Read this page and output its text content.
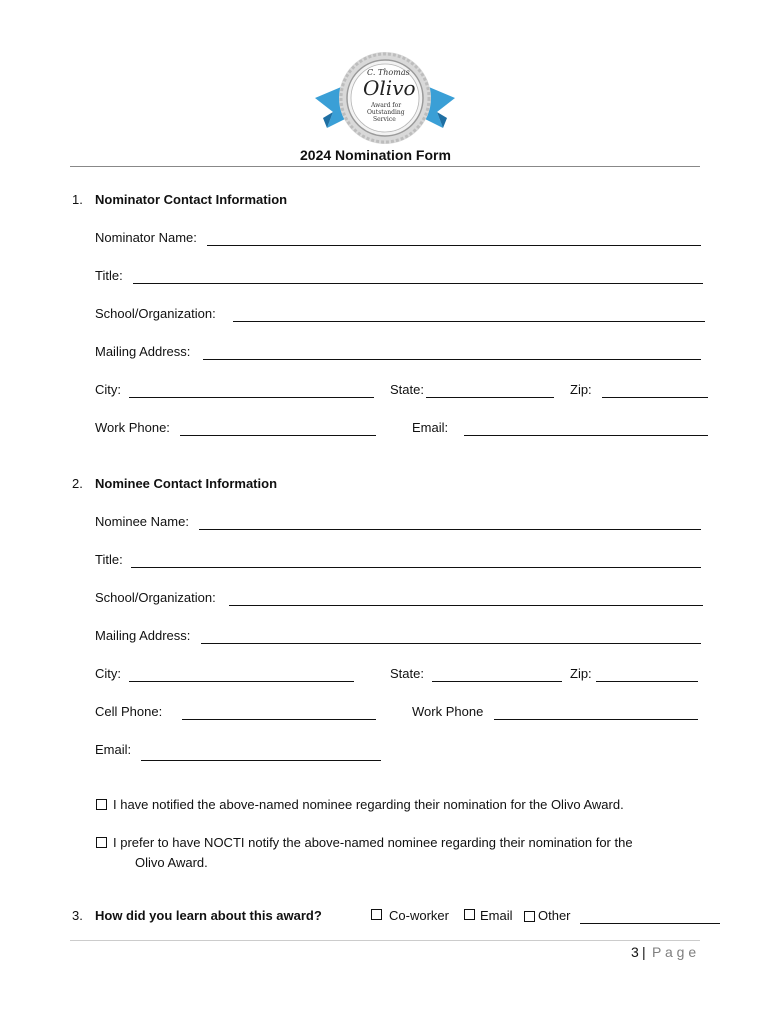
C. Thomas
Olivo
Award for
Outstanding
Service
2024 Nomination Form
1. Nominator Contact Information
Nominator Name:
Title:
School/Organization:
Mailing Address:
City:	State:	Zip:
Work Phone:	Email:
2. Nominee Contact Information
Nominee Name:
Title:
School/Organization:
Mailing Address:
City:	State:	Zip:
Cell Phone:	Work Phone
Email:
I have notified the above-named nominee regarding their nomination for the Olivo Award.
I prefer to have NOCTI notify the above-named nominee regarding their nomination for the
Olivo Award.
3. How did you learn about this award?	Co-worker Email Other
3 | P a g e
